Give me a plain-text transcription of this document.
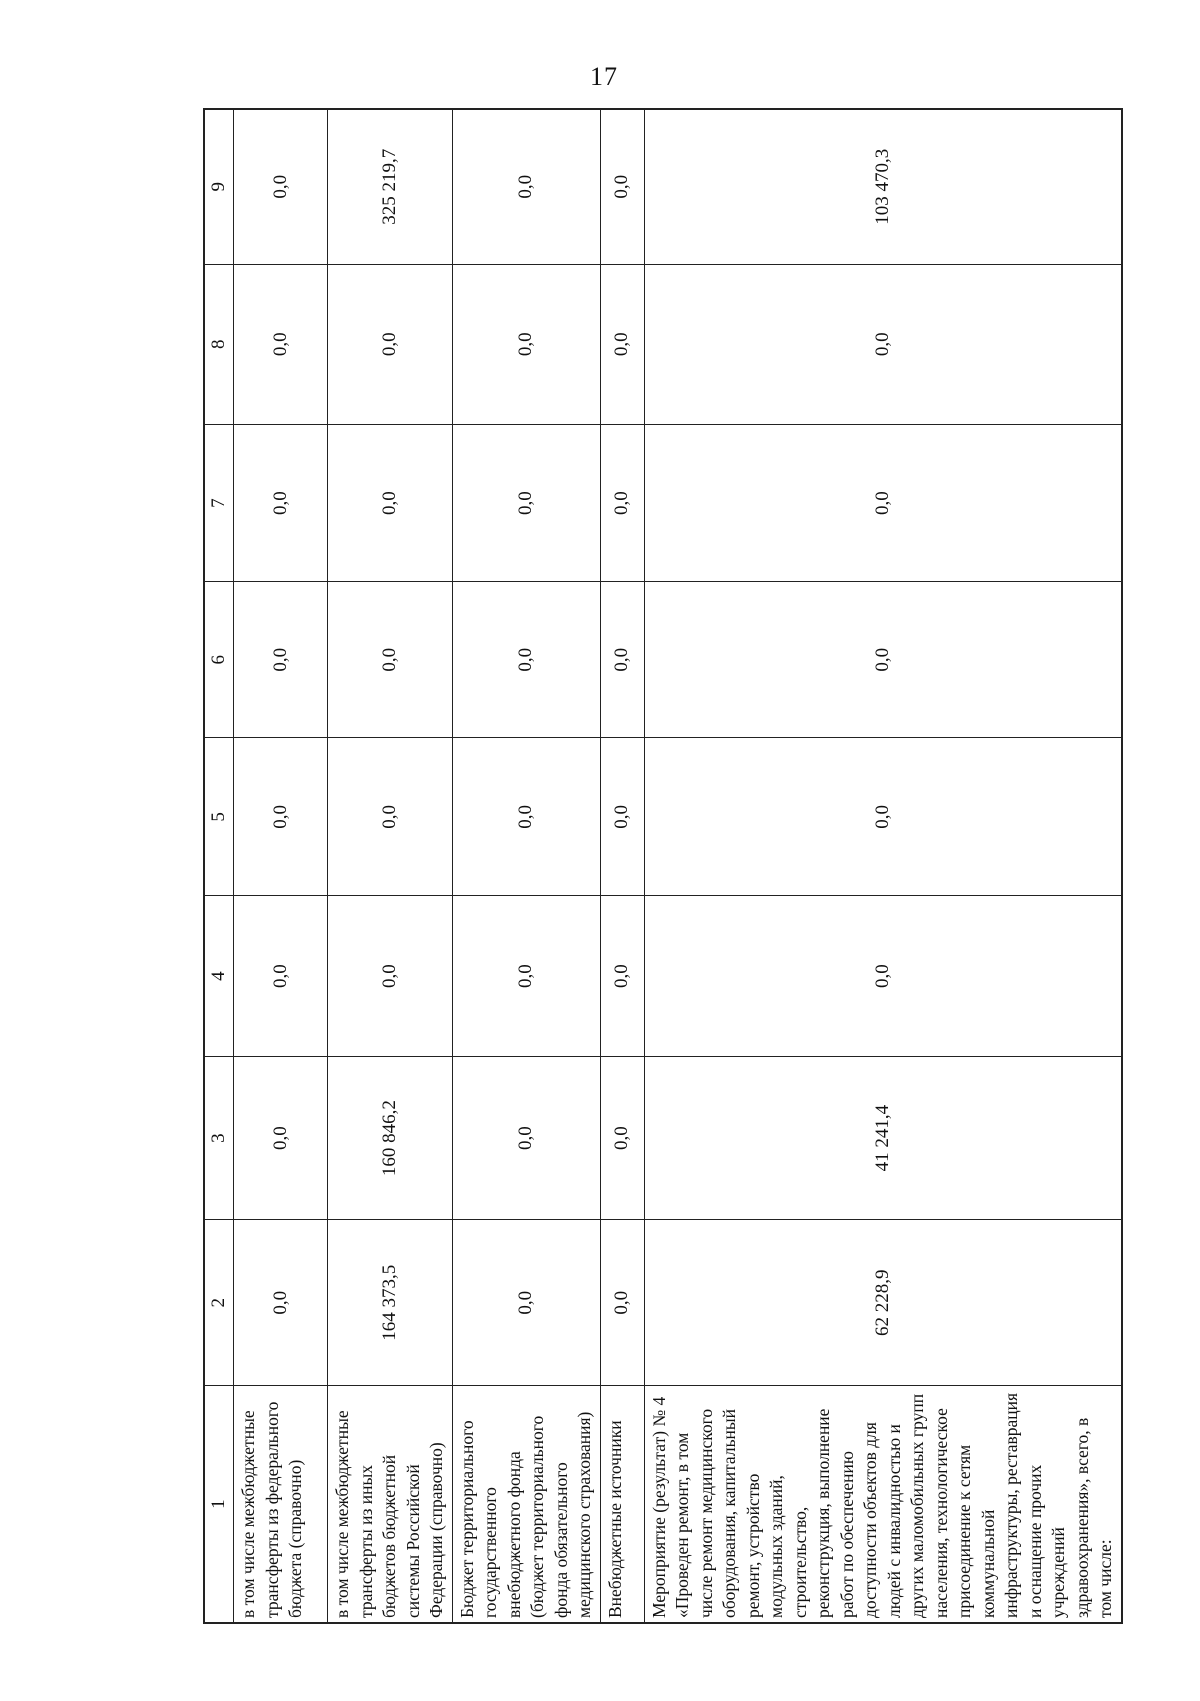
17
1	2	3	4	5	6	7	8	9
в том числе межбюджетные трансферты из федерального бюджета (справочно)	0,0	0,0	0,0	0,0	0,0	0,0	0,0	0,0
в том числе межбюджетные трансферты из иных бюджетов бюджетной системы Российской Федерации (справочно)	164 373,5	160 846,2	0,0	0,0	0,0	0,0	0,0	325 219,7
Бюджет территориального государственного внебюджетного фонда (бюджет территориального фонда обязательного медицинского страхования)	0,0	0,0	0,0	0,0	0,0	0,0	0,0	0,0
Внебюджетные источники	0,0	0,0	0,0	0,0	0,0	0,0	0,0	0,0
Мероприятие (результат) № 4 «Проведен ремонт, в том числе ремонт медицинского оборудования, капитальный ремонт, устройство модульных зданий, строительство, реконструкция, выполнение работ по обеспечению доступности объектов для людей с инвалидностью и других маломобильных групп населения, технологическое присоединение к сетям коммунальной инфраструктуры, реставрация и оснащение прочих учреждений здравоохранения», всего, в том числе:	62 228,9	41 241,4	0,0	0,0	0,0	0,0	0,0	103 470,3
